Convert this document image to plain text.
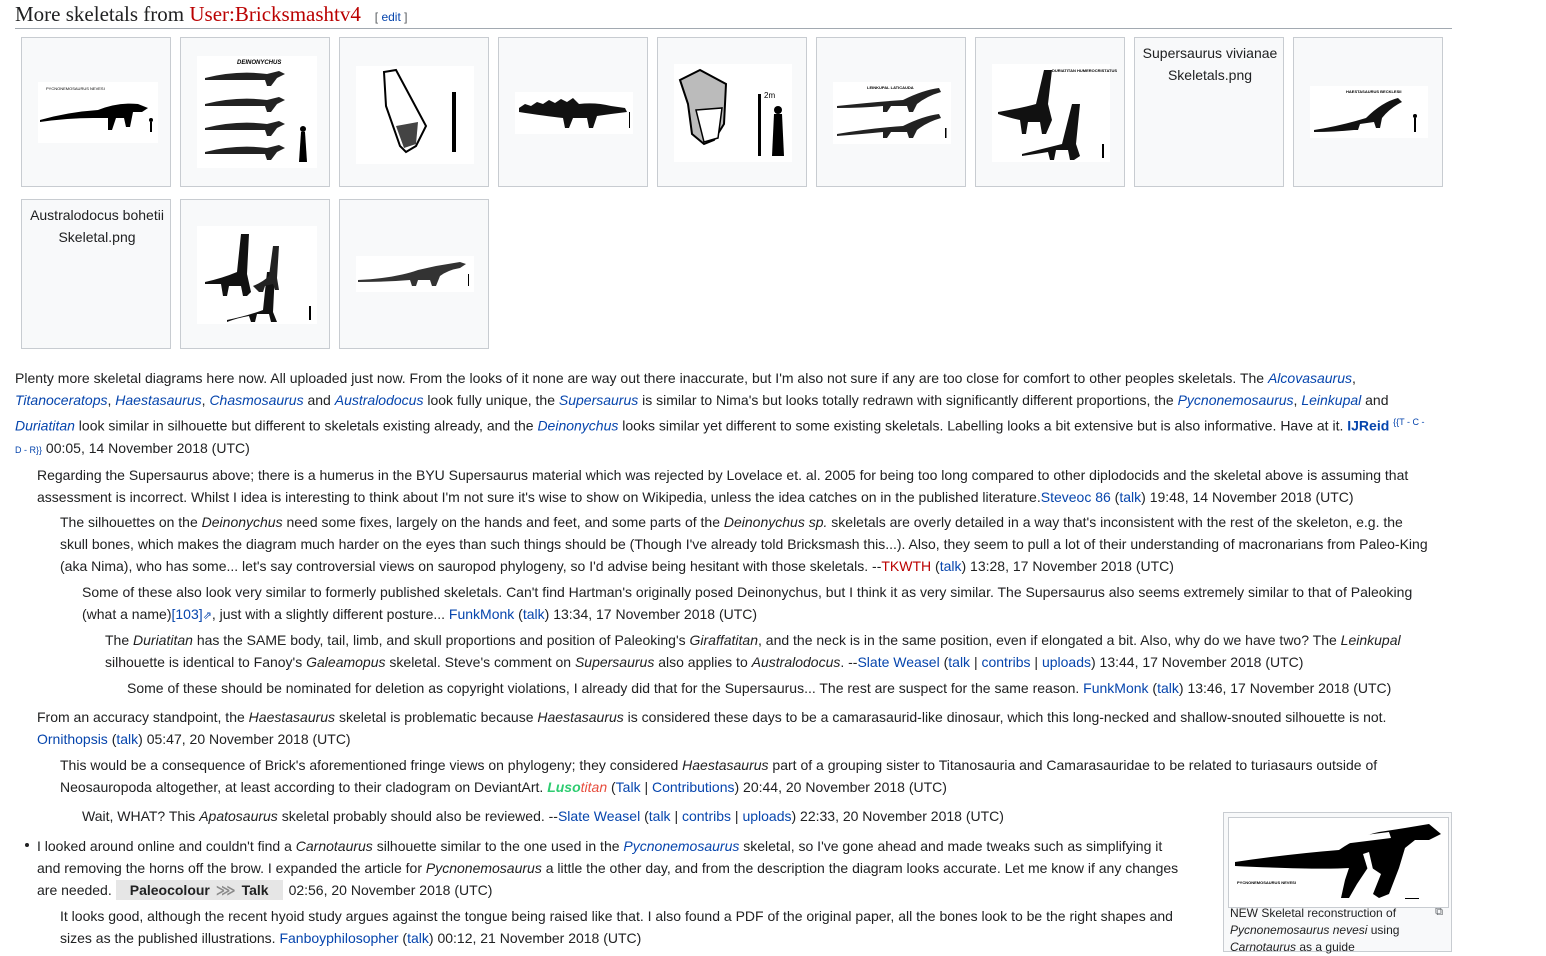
More skeletals from User:Bricksmashtv4 [ edit ]
PYCNONEMOSAURUS NEVESI
DEINONYCHUS
2m
LEINKUPAL LATICAUDA
DURIATITAN HUMEROCRISTATUS
Supersaurus vivianae Skeletals.png
HAESTASAURUS BECKLESII
Australodocus bohetii Skeletal.png
Plenty more skeletal diagrams here now. All uploaded just now. From the looks of it none are way out there inaccurate, but I'm also not sure if any are too close for comfort to other peoples skeletals. The Alcovasaurus,
Titanoceratops, Haestasaurus, Chasmosaurus and Australodocus look fully unique, the Supersaurus is similar to Nima's but looks totally redrawn with significantly different proportions, the Pycnonemosaurus, Leinkupal and
Duriatitan look similar in silhouette but different to skeletals existing already, and the Deinonychus looks similar yet different to some existing skeletals. Labelling looks a bit extensive but is also informative. Have at it. IJReid $^{\{\{T - C -}$
D - R}} 00:05, 14 November 2018 (UTC)
Regarding the Supersaurus above; there is a humerus in the BYU Supersaurus material which was rejected by Lovelace et. al. 2005 for being too long compared to other diplodocids and the skeletal above is assuming that
assessment is incorrect. Whilst I idea is interesting to think about I'm not sure it's wise to show on Wikipedia, unless the idea catches on in the published literature.Steveoc 86 (talk) 19:48, 14 November 2018 (UTC)
The silhouettes on the Deinonychus need some fixes, largely on the hands and feet, and some parts of the Deinonychus sp. skeletals are overly detailed in a way that's inconsistent with the rest of the skeleton, e.g. the
skull bones, which makes the diagram much harder on the eyes than such things should be (Though I've already told Bricksmash this...). Also, they seem to pull a lot of their understanding of macronarians from Paleo-King
(aka Nima), who has some... let's say controversial views on sauropod phylogeny, so I'd advise being hesitant with those skeletals. --TKWTH (talk) 13:28, 17 November 2018 (UTC)
Some of these also look very similar to formerly published skeletals. Can't find Hartman's originally posed Deinonychus, but I think it as very similar. The Supersaurus also seems extremely similar to that of Paleoking
(what a name)[103]⇗, just with a slightly different posture... FunkMonk (talk) 13:34, 17 November 2018 (UTC)
The Duriatitan has the SAME body, tail, limb, and skull proportions and position of Paleoking's Giraffatitan, and the neck is in the same position, even if elongated a bit. Also, why do we have two? The Leinkupal
silhouette is identical to Fanoy's Galeamopus skeletal. Steve's comment on Supersaurus also applies to Australodocus. --Slate Weasel (talk | contribs | uploads) 13:44, 17 November 2018 (UTC)
Some of these should be nominated for deletion as copyright violations, I already did that for the Supersaurus... The rest are suspect for the same reason. FunkMonk (talk) 13:46, 17 November 2018 (UTC)
From an accuracy standpoint, the Haestasaurus skeletal is problematic because Haestasaurus is considered these days to be a camarasaurid-like dinosaur, which this long-necked and shallow-snouted silhouette is not.
Ornithopsis (talk) 05:47, 20 November 2018 (UTC)
This would be a consequence of Brick's aforementioned fringe views on phylogeny; they considered Haestasaurus part of a grouping sister to Titanosauria and Camarasauridae to be related to turiasaurs outside of
Neosauropoda altogether, at least according to their cladogram on DeviantArt. Lusotitan (Talk | Contributions) 20:44, 20 November 2018 (UTC)
Wait, WHAT? This Apatosaurus skeletal probably should also be reviewed. --Slate Weasel (talk | contribs | uploads) 22:33, 20 November 2018 (UTC)
I looked around online and couldn't find a Carnotaurus silhouette similar to the one used in the Pycnonemosaurus skeletal, so I've gone ahead and made tweaks such as simplifying it
and removing the horns off the brow. I expanded the article for Pycnonemosaurus a little the other day, and from the description the diagram looks accurate. Let me know if any changes
are needed. Paleocolour ⋙ Talk 02:56, 20 November 2018 (UTC)
It looks good, although the recent hyoid study argues against the tongue being raised like that. I also found a PDF of the original paper, all the bones look to be the right shapes and
sizes as the published illustrations. Fanboyphilosopher (talk) 00:12, 21 November 2018 (UTC)
PYCNONEMOSAURUS NEVESI
⧉
NEW Skeletal reconstruction of
Pycnonemosaurus nevesi using
Carnotaurus as a guide
